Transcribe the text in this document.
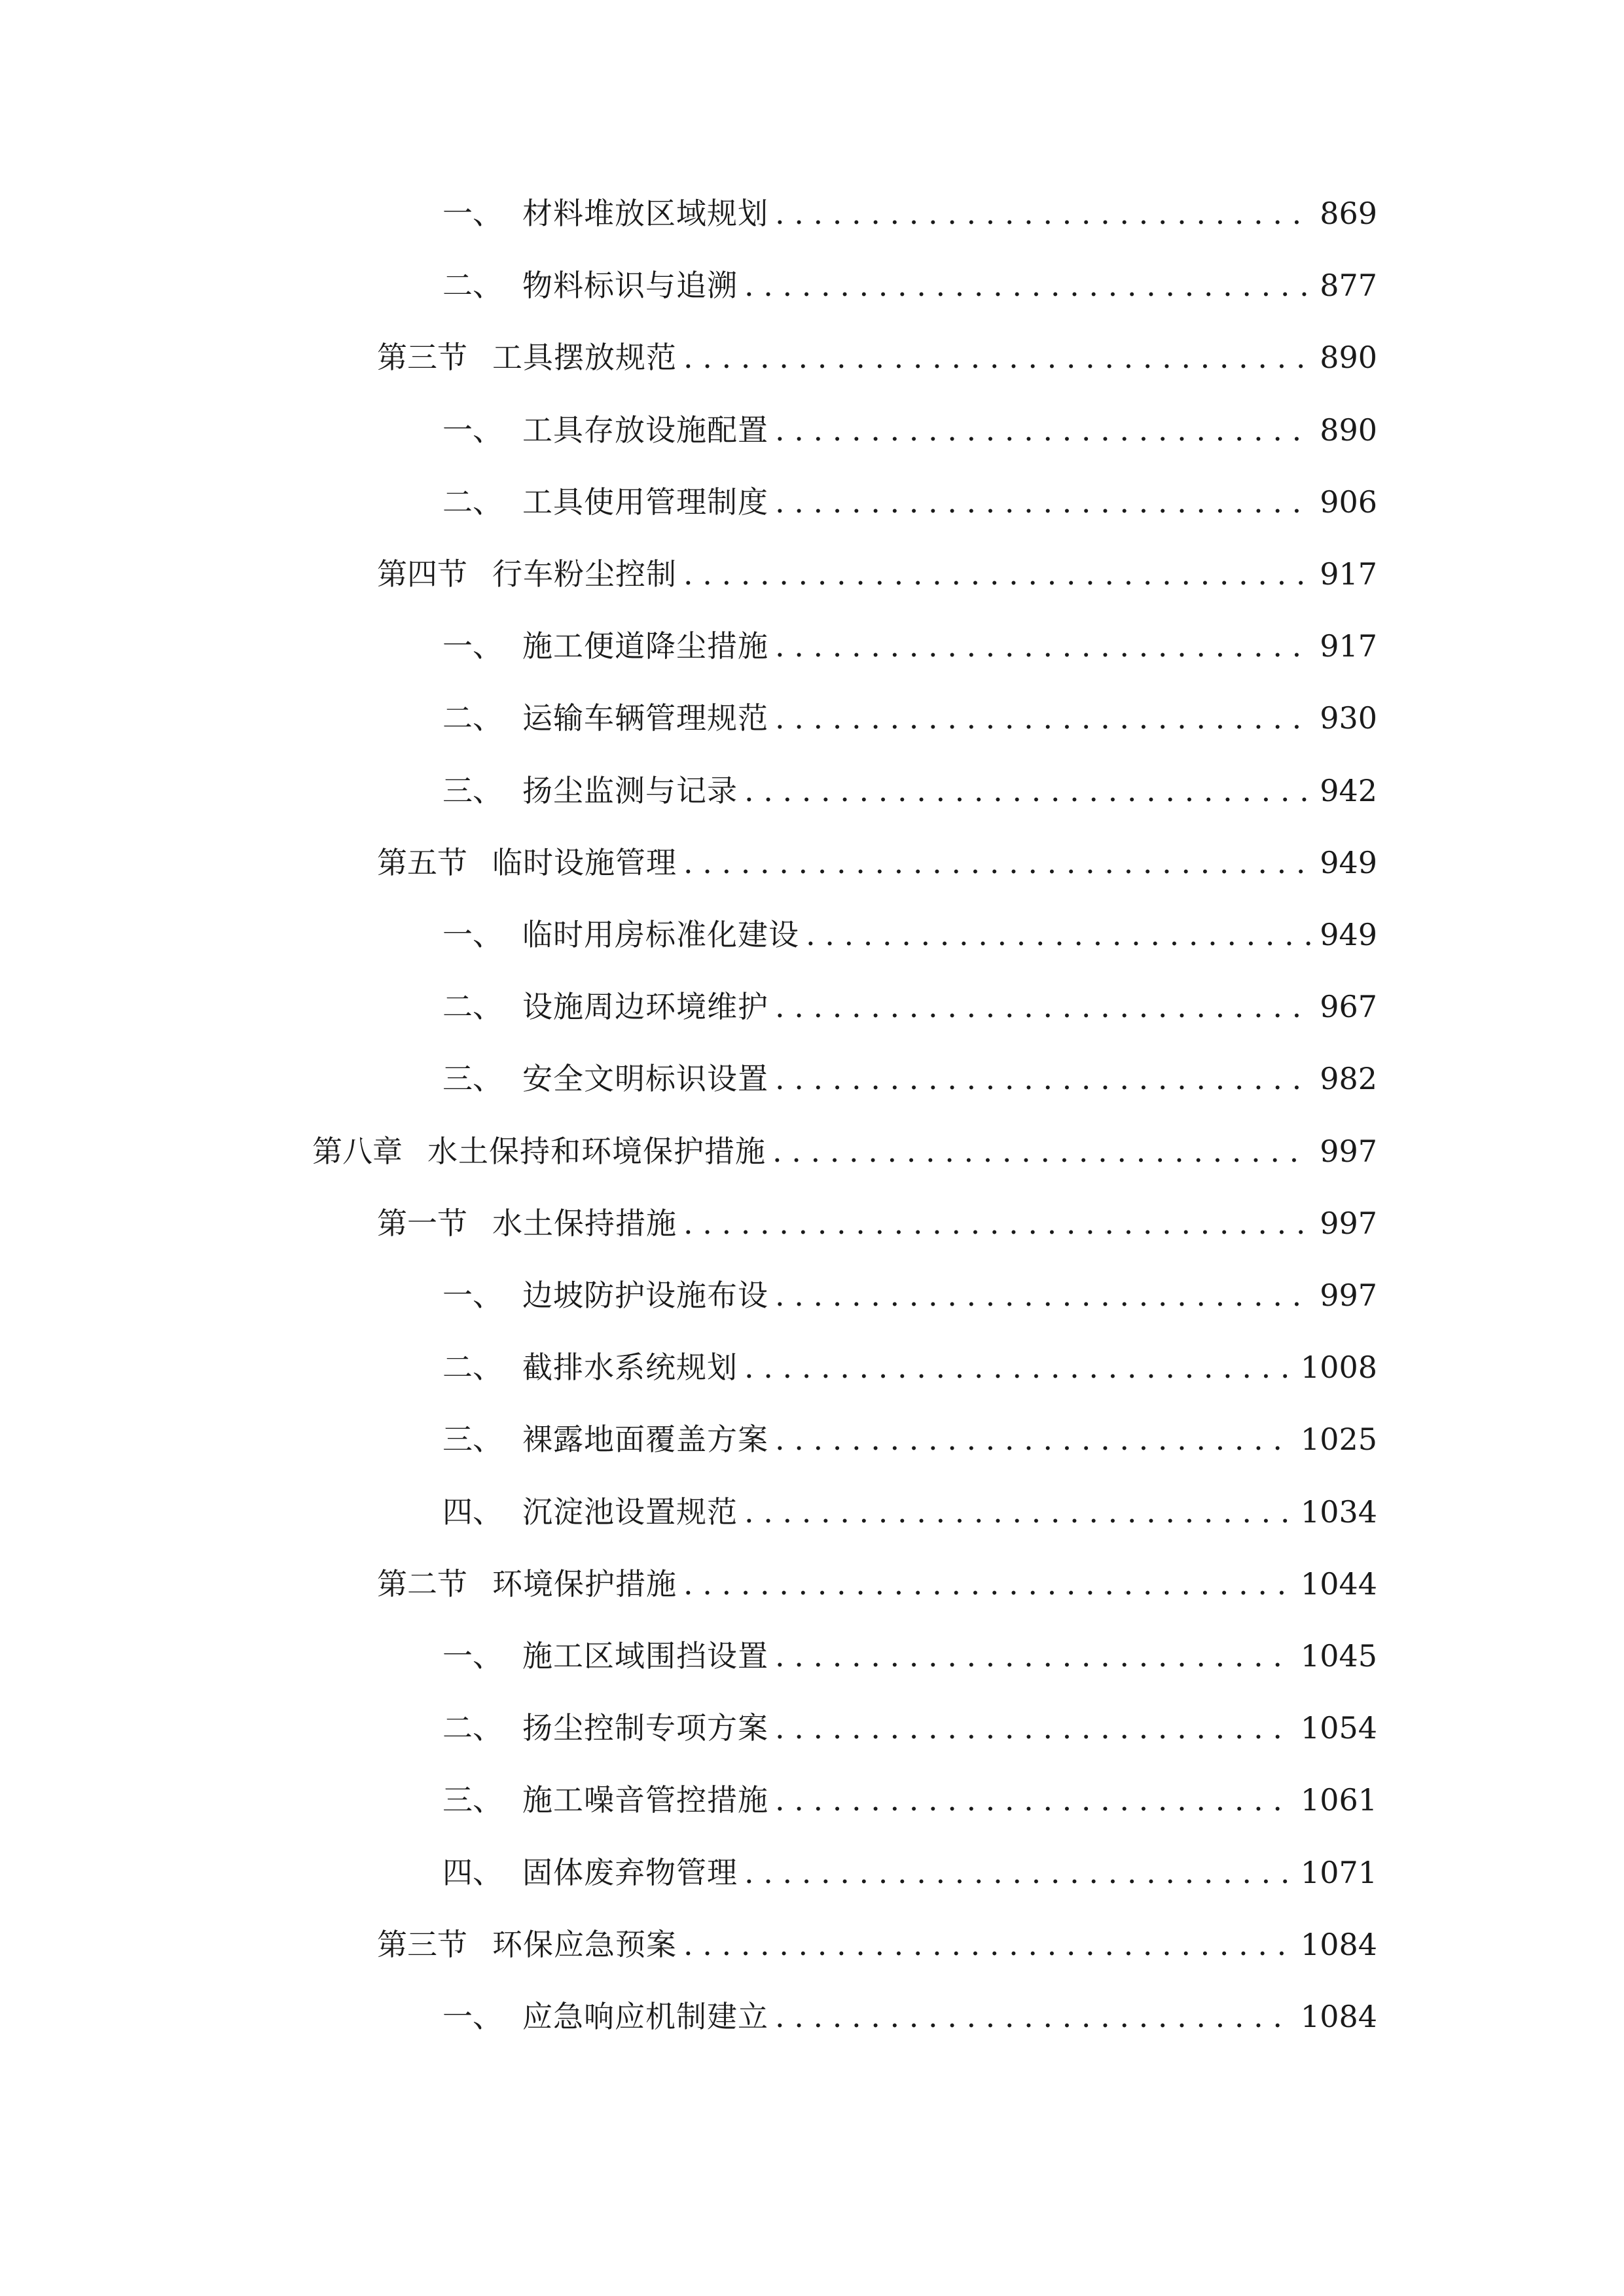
一、 材料堆放区域规划 . . .	869
二、 物料标识与追溯 . . .	877
第三节 工具摆放规范 . . .	890
一、 工具存放设施配置 . . .	890
二、 工具使用管理制度 . . .	906
第四节 行车粉尘控制 . . .	917
一、 施工便道降尘措施 . . .	917
二、 运输车辆管理规范 . . .	930
三、 扬尘监测与记录 . . .	942
第五节 临时设施管理 . . .	949
一、 临时用房标准化建设 . . .	949
二、 设施周边环境维护 . . .	967
三、 安全文明标识设置 . . .	982
第八章 水土保持和环境保护措施 . . .	997
第一节 水土保持措施 . . .	997
一、 边坡防护设施布设 . . .	997
二、 截排水系统规划 . . .	1008
三、 裸露地面覆盖方案 . . .	1025
四、 沉淀池设置规范 . . .	1034
第二节 环境保护措施 . . .	1044
一、 施工区域围挡设置 . . .	1045
二、 扬尘控制专项方案 . . .	1054
三、 施工噪音管控措施 . . .	1061
四、 固体废弃物管理 . . .	1071
第三节 环保应急预案 . . .	1084
一、 应急响应机制建立 . . .	1084
